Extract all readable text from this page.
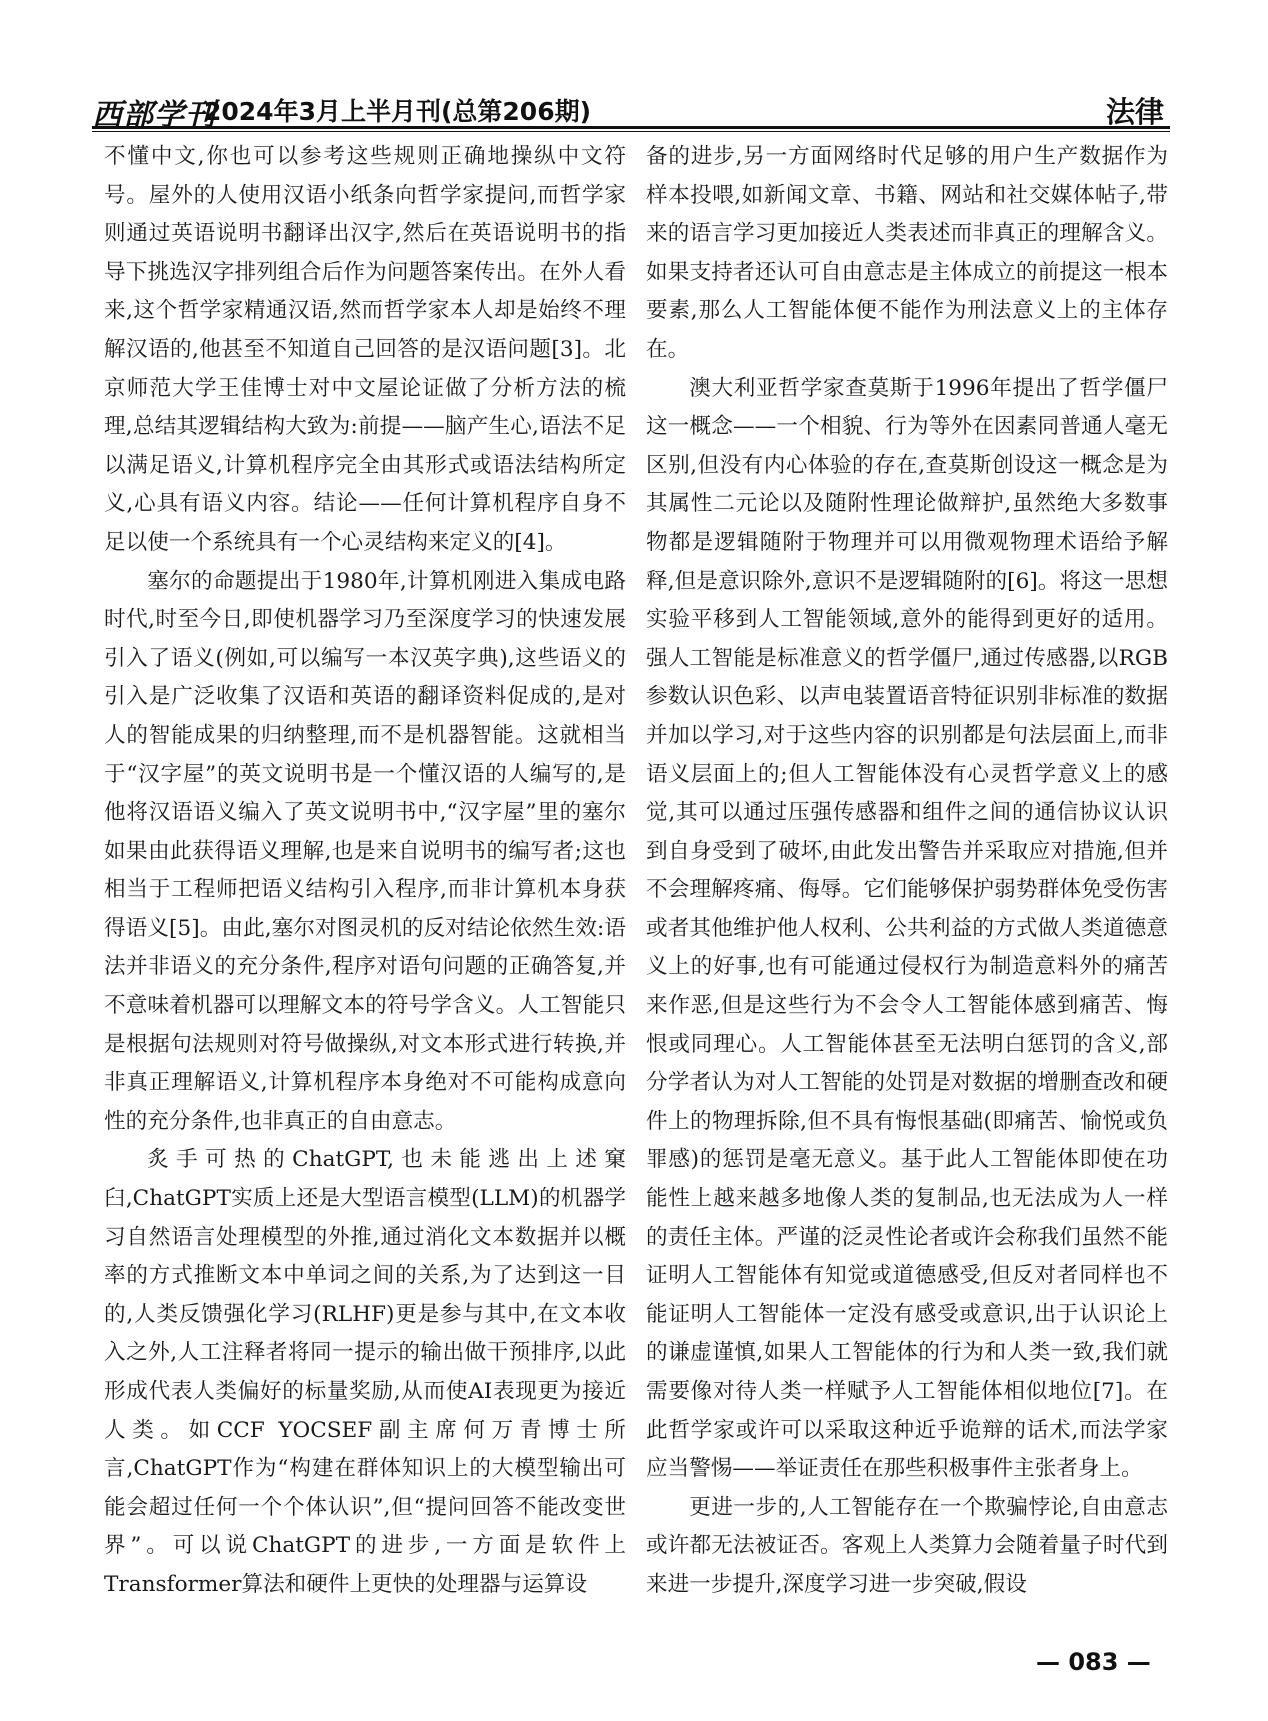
西部学刊
2024年3月上半月刊(总第206期)	法律

不懂中文,你也可以参考这些规则正确地操纵中文符号。屋外的人使用汉语小纸条向哲学家提问,而哲学家则通过英语说明书翻译出汉字,然后在英语说明书的指导下挑选汉字排列组合后作为问题答案传出。在外人看来,这个哲学家精通汉语,然而哲学家本人却是始终不理解汉语的,他甚至不知道自己回答的是汉语问题[3]。北京师范大学王佳博士对中文屋论证做了分析方法的梳理,总结其逻辑结构大致为:前提——脑产生心,语法不足以满足语义,计算机程序完全由其形式或语法结构所定义,心具有语义内容。结论——任何计算机程序自身不足以使一个系统具有一个心灵结构来定义的[4]。

塞尔的命题提出于1980年,计算机刚进入集成电路时代,时至今日,即使机器学习乃至深度学习的快速发展引入了语义(例如,可以编写一本汉英字典),这些语义的引入是广泛收集了汉语和英语的翻译资料促成的,是对人的智能成果的归纳整理,而不是机器智能。这就相当于“汉字屋”的英文说明书是一个懂汉语的人编写的,是他将汉语语义编入了英文说明书中,“汉字屋”里的塞尔如果由此获得语义理解,也是来自说明书的编写者;这也相当于工程师把语义结构引入程序,而非计算机本身获得语义[5]。由此,塞尔对图灵机的反对结论依然生效:语法并非语义的充分条件,程序对语句问题的正确答复,并不意味着机器可以理解文本的符号学含义。人工智能只是根据句法规则对符号做操纵,对文本形式进行转换,并非真正理解语义,计算机程序本身绝对不可能构成意向性的充分条件,也非真正的自由意志。

炙手可热的ChatGPT,也未能逃出上述窠臼,ChatGPT实质上还是大型语言模型(LLM)的机器学习自然语言处理模型的外推,通过消化文本数据并以概率的方式推断文本中单词之间的关系,为了达到这一目的,人类反馈强化学习(RLHF)更是参与其中,在文本收入之外,人工注释者将同一提示的输出做干预排序,以此形成代表人类偏好的标量奖励,从而使AI表现更为接近人类。如CCF YOCSEF副主席何万青博士所言,ChatGPT作为“构建在群体知识上的大模型输出可能会超过任何一个个体认识”,但“提问回答不能改变世界”。可以说ChatGPT的进步,一方面是软件上Transformer算法和硬件上更快的处理器与运算设

备的进步,另一方面网络时代足够的用户生产数据作为样本投喂,如新闻文章、书籍、网站和社交媒体帖子,带来的语言学习更加接近人类表述而非真正的理解含义。如果支持者还认可自由意志是主体成立的前提这一根本要素,那么人工智能体便不能作为刑法意义上的主体存在。

澳大利亚哲学家查莫斯于1996年提出了哲学僵尸这一概念——一个相貌、行为等外在因素同普通人毫无区别,但没有内心体验的存在,查莫斯创设这一概念是为其属性二元论以及随附性理论做辩护,虽然绝大多数事物都是逻辑随附于物理并可以用微观物理术语给予解释,但是意识除外,意识不是逻辑随附的[6]。将这一思想实验平移到人工智能领域,意外的能得到更好的适用。强人工智能是标准意义的哲学僵尸,通过传感器,以RGB参数认识色彩、以声电装置语音特征识别非标准的数据并加以学习,对于这些内容的识别都是句法层面上,而非语义层面上的;但人工智能体没有心灵哲学意义上的感觉,其可以通过压强传感器和组件之间的通信协议认识到自身受到了破坏,由此发出警告并采取应对措施,但并不会理解疼痛、侮辱。它们能够保护弱势群体免受伤害或者其他维护他人权利、公共利益的方式做人类道德意义上的好事,也有可能通过侵权行为制造意料外的痛苦来作恶,但是这些行为不会令人工智能体感到痛苦、悔恨或同理心。人工智能体甚至无法明白惩罚的含义,部分学者认为对人工智能的处罚是对数据的增删查改和硬件上的物理拆除,但不具有悔恨基础(即痛苦、愉悦或负罪感)的惩罚是毫无意义。基于此人工智能体即使在功能性上越来越多地像人类的复制品,也无法成为人一样的责任主体。严谨的泛灵性论者或许会称我们虽然不能证明人工智能体有知觉或道德感受,但反对者同样也不能证明人工智能体一定没有感受或意识,出于认识论上的谦虚谨慎,如果人工智能体的行为和人类一致,我们就需要像对待人类一样赋予人工智能体相似地位[7]。在此哲学家或许可以采取这种近乎诡辩的话术,而法学家应当警惕——举证责任在那些积极事件主张者身上。

更进一步的,人工智能存在一个欺骗悖论,自由意志或许都无法被证否。客观上人类算力会随着量子时代到来进一步提升,深度学习进一步突破,假设

— 083 —
